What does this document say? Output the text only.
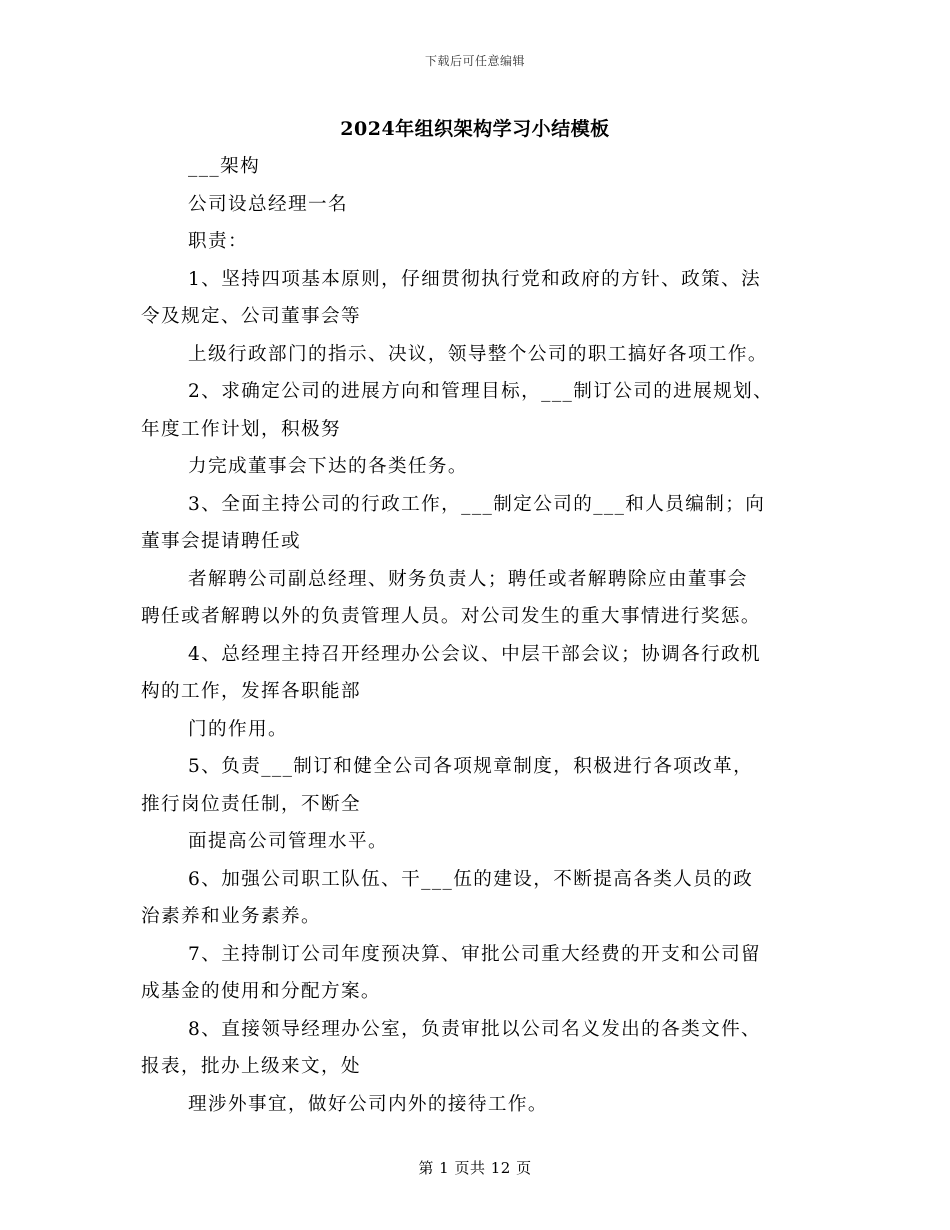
下载后可任意编辑
2024年组织架构学习小结模板
___架构
公司设总经理一名
职责：
1、坚持四项基本原则，仔细贯彻执行党和政府的方针、政策、法
令及规定、公司董事会等
上级行政部门的指示、决议，领导整个公司的职工搞好各项工作。
2、求确定公司的进展方向和管理目标，___制订公司的进展规划、
年度工作计划，积极努
力完成董事会下达的各类任务。
3、全面主持公司的行政工作，___制定公司的___和人员编制；向
董事会提请聘任或
者解聘公司副总经理、财务负责人；聘任或者解聘除应由董事会
聘任或者解聘以外的负责管理人员。对公司发生的重大事情进行奖惩。
4、总经理主持召开经理办公会议、中层干部会议；协调各行政机
构的工作，发挥各职能部
门的作用。
5、负责___制订和健全公司各项规章制度，积极进行各项改革，
推行岗位责任制，不断全
面提高公司管理水平。
6、加强公司职工队伍、干___伍的建设，不断提高各类人员的政
治素养和业务素养。
7、主持制订公司年度预决算、审批公司重大经费的开支和公司留
成基金的使用和分配方案。
8、直接领导经理办公室，负责审批以公司名义发出的各类文件、
报表，批办上级来文，处
理涉外事宜，做好公司内外的接待工作。
第 1 页共 12 页
